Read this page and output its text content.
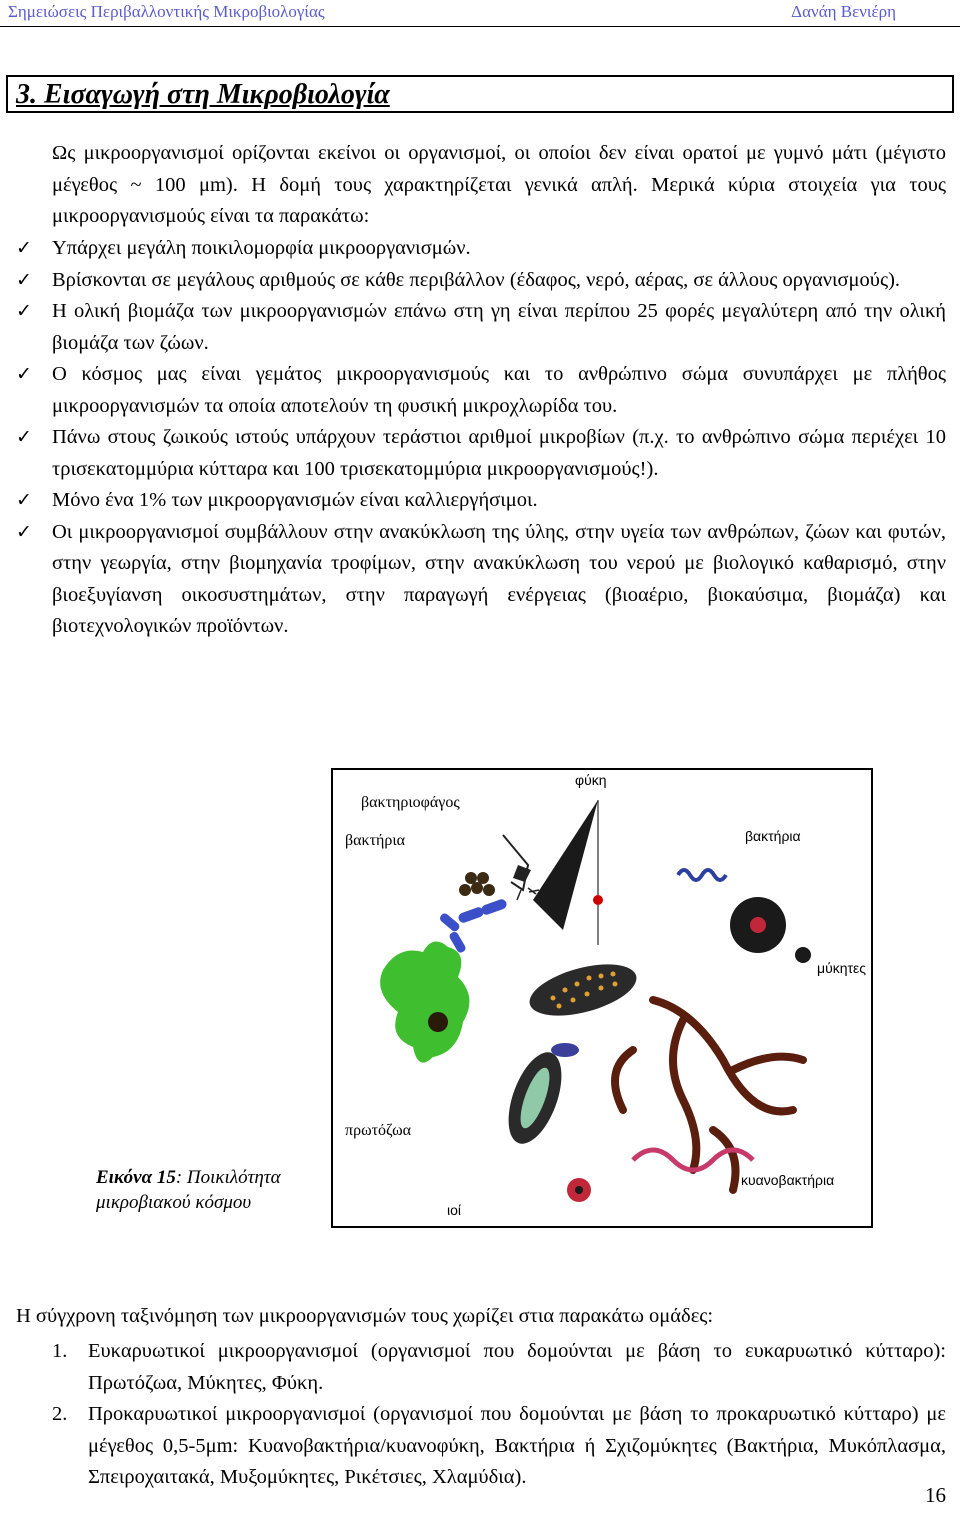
Σημειώσεις Περιβαλλοντικής Μικροβιολογίας	Δανάη Βενιέρη
3. Εισαγωγή στη Μικροβιολογία
Ως μικροοργανισμοί ορίζονται εκείνοι οι οργανισμοί, οι οποίοι δεν είναι ορατοί με γυμνό μάτι (μέγιστο μέγεθος ~ 100 μm). Η δομή τους χαρακτηρίζεται γενικά απλή. Μερικά κύρια στοιχεία για τους μικροοργανισμούς είναι τα παρακάτω:
✓ Υπάρχει μεγάλη ποικιλομορφία μικροοργανισμών.
✓ Βρίσκονται σε μεγάλους αριθμούς σε κάθε περιβάλλον (έδαφος, νερό, αέρας, σε άλλους οργανισμούς).
✓ Η ολική βιομάζα των μικροοργανισμών επάνω στη γη είναι περίπου 25 φορές μεγαλύτερη από την ολική βιομάζα των ζώων.
✓ Ο κόσμος μας είναι γεμάτος μικροοργανισμούς και το ανθρώπινο σώμα συνυπάρχει με πλήθος μικροοργανισμών τα οποία αποτελούν τη φυσική μικροχλωρίδα του.
✓ Πάνω στους ζωικούς ιστούς υπάρχουν τεράστιοι αριθμοί μικροβίων (π.χ. το ανθρώπινο σώμα περιέχει 10 τρισεκατομμύρια κύτταρα και 100 τρισεκατομμύρια μικροοργανισμούς!).
✓ Μόνο ένα 1% των μικροοργανισμών είναι καλλιεργήσιμοι.
✓ Οι μικροοργανισμοί συμβάλλουν στην ανακύκλωση της ύλης, στην υγεία των ανθρώπων, ζώων και φυτών, στην γεωργία, στην βιομηχανία τροφίμων, στην ανακύκλωση του νερού με βιολογικό καθαρισμό, στην βιοεξυγίανση οικοσυστημάτων, στην παραγωγή ενέργειας (βιοαέριο, βιοκαύσιμα, βιομάζα) και βιοτεχνολογικών προϊόντων.
φύκη
βακτηριοφάγος
βακτήρια	βακτήρια
μύκητες
πρωτόζωα
κυανοβακτήρια
ιοί
Εικόνα 15: Ποικιλότητα
μικροβιακού κόσμου
Η σύγχρονη ταξινόμηση των μικροοργανισμών τους χωρίζει στια παρακάτω ομάδες:
1. Ευκαρυωτικοί μικροοργανισμοί (οργανισμοί που δομούνται με βάση το ευκαρυωτικό κύτταρο): Πρωτόζωα, Μύκητες, Φύκη.
2. Προκαρυωτικοί μικροοργανισμοί (οργανισμοί που δομούνται με βάση το προκαρυωτικό κύτταρο) με μέγεθος 0,5-5μm: Κυανοβακτήρια/κυανοφύκη, Βακτήρια ή Σχιζομύκητες (Βακτήρια, Μυκόπλασμα, Σπειροχαιτακά, Μυξομύκητες, Ρικέτσιες, Χλαμύδια).
16
